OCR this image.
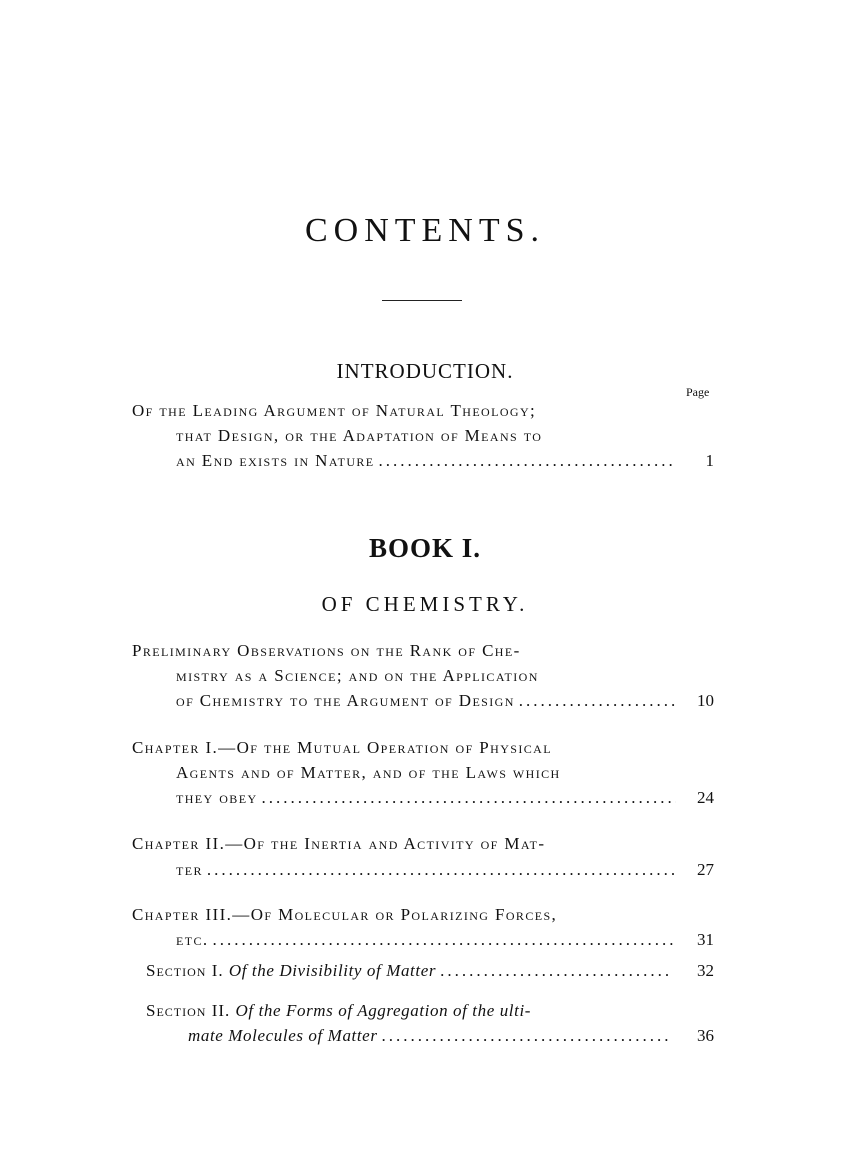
CONTENTS.
INTRODUCTION.
Page
Of the Leading Argument of Natural Theology;
that Design, or the Adaptation of Means to
an End exists in Nature .....	1
BOOK I.
OF CHEMISTRY.
Preliminary Observations on the Rank of Che-
mistry as a Science; and on the Application
of Chemistry to the Argument of Design .....	10
Chapter I.—Of the Mutual Operation of Physical
Agents and of Matter, and of the Laws which
they obey .....	24
Chapter II.—Of the Inertia and Activity of Mat-
ter .....	27
Chapter III.—Of Molecular or Polarizing Forces,
etc. .....	31
Section I.
Of the Divisibility of Matter .....	32
Section II.
Of the Forms of Aggregation of the ulti-
mate Molecules of Matter .....	36
